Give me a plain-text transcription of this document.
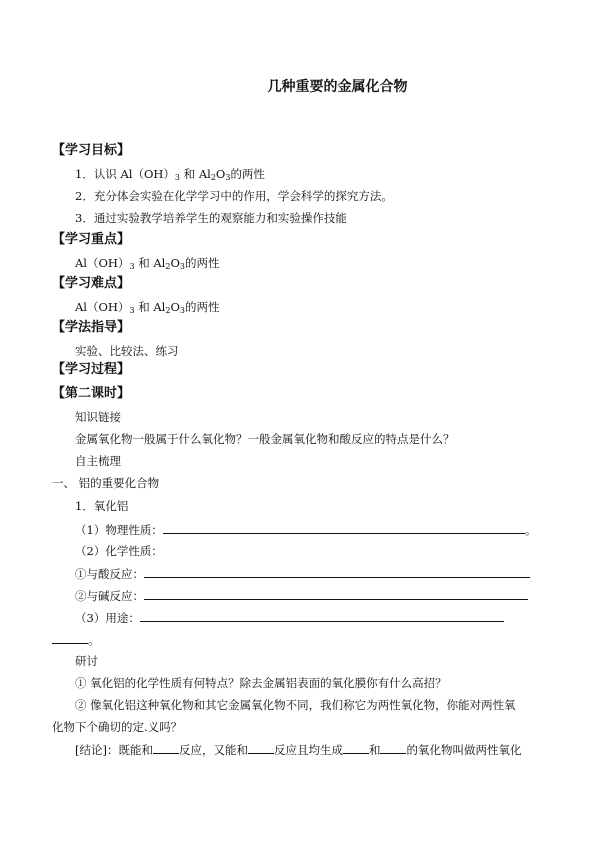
几种重要的金属化合物
【学习目标】
1．认识 $Al(OH)_3$ 和 $Al_2O_3$的两性
2．充分体会实验在化学学习中的作用，学会科学的探究方法。
3．通过实验教学培养学生的观察能力和实验操作技能
【学习重点】
$Al(OH)_3$ 和 $Al_2O_3$的两性
【学习难点】
$Al(OH)_3$ 和 $Al_2O_3$的两性
【学法指导】
实验、比较法、练习
【学习过程】
【第二课时】
知识链接
金属氧化物一般属于什么氧化物？一般金属氧化物和酸反应的特点是什么？
自主梳理
一、 铝的重要化合物
1．氧化铝
（1）物理性质：	。
（2）化学性质：
①与酸反应：
②与碱反应：
（3）用途：
。
研讨
① 氧化铝的化学性质有何特点？除去金属铝表面的氧化膜你有什么高招？
② 像氧化铝这种氧化物和其它金属氧化物不同，我们称它为两性氧化物，你能对两性氧
化物下个确切的定.义吗？
[结论]：既能和 反应，又能和 反应且均生成 和 的氧化物叫做两性氧化
